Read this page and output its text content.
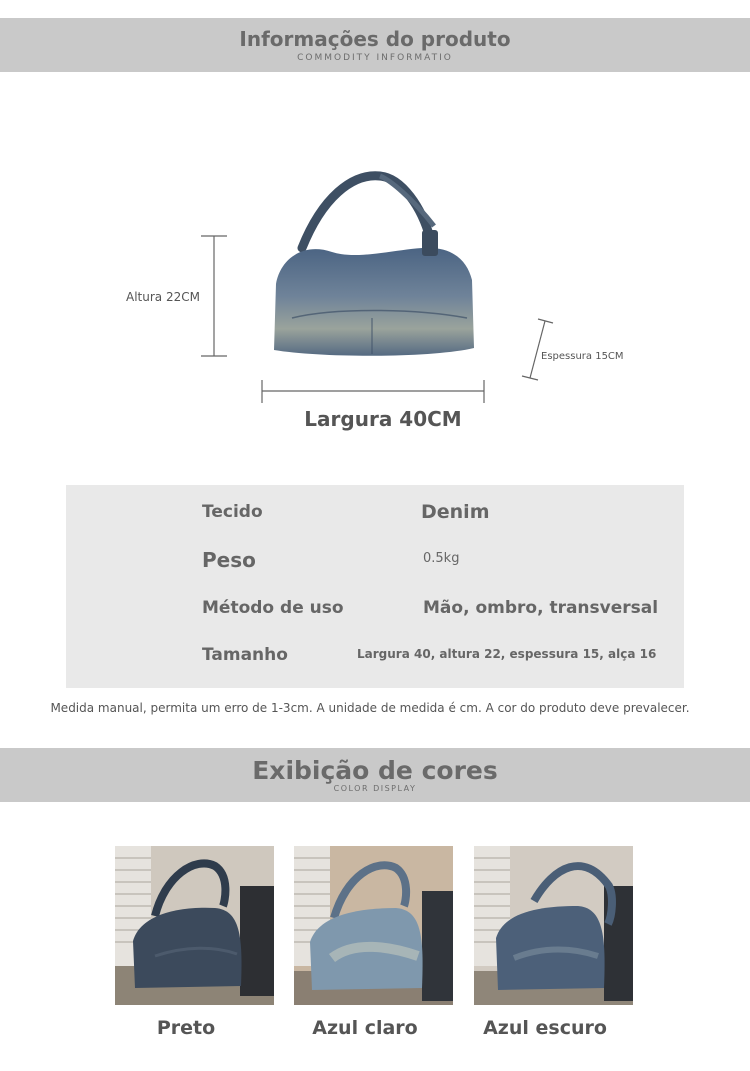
Informações do produto
COMMODITY INFORMATIO
Altura 22CM
Espessura 15CM
Largura 40CM
Tecido	Denim
Peso	0.5kg
Método de uso	Mão, ombro, transversal
Tamanho	Largura 40, altura 22, espessura 15, alça 16
Medida manual, permita um erro de 1-3cm. A unidade de medida é cm. A cor do produto deve prevalecer.
Exibição de cores
COLOR DISPLAY
Preto	Azul claro	Azul escuro
